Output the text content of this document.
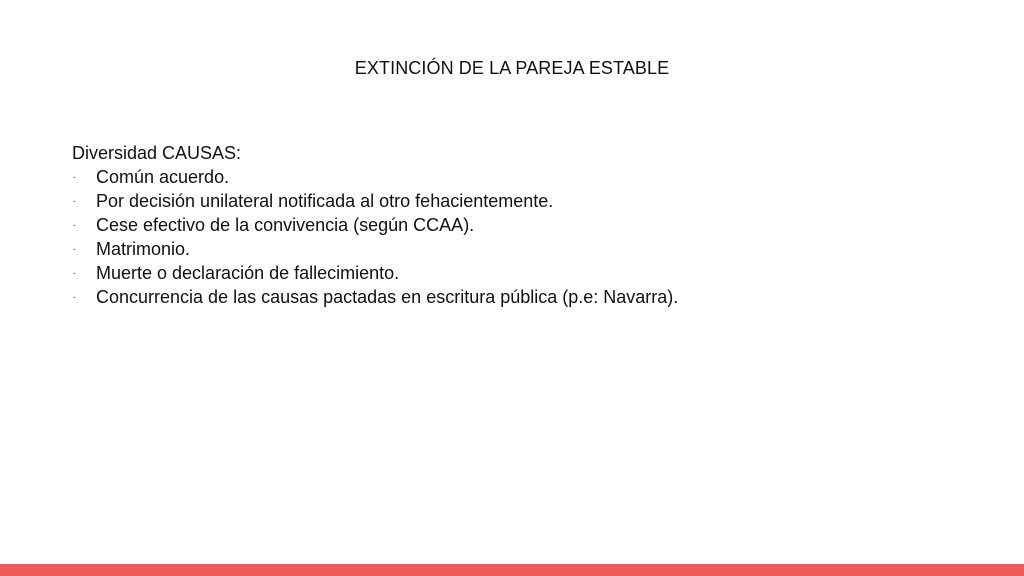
EXTINCIÓN DE LA PAREJA ESTABLE
Diversidad CAUSAS:
- Común acuerdo.
- Por decisión unilateral notificada al otro fehacientemente.
- Cese efectivo de la convivencia (según CCAA).
- Matrimonio.
- Muerte o declaración de fallecimiento.
- Concurrencia de las causas pactadas en escritura pública (p.e: Navarra).
